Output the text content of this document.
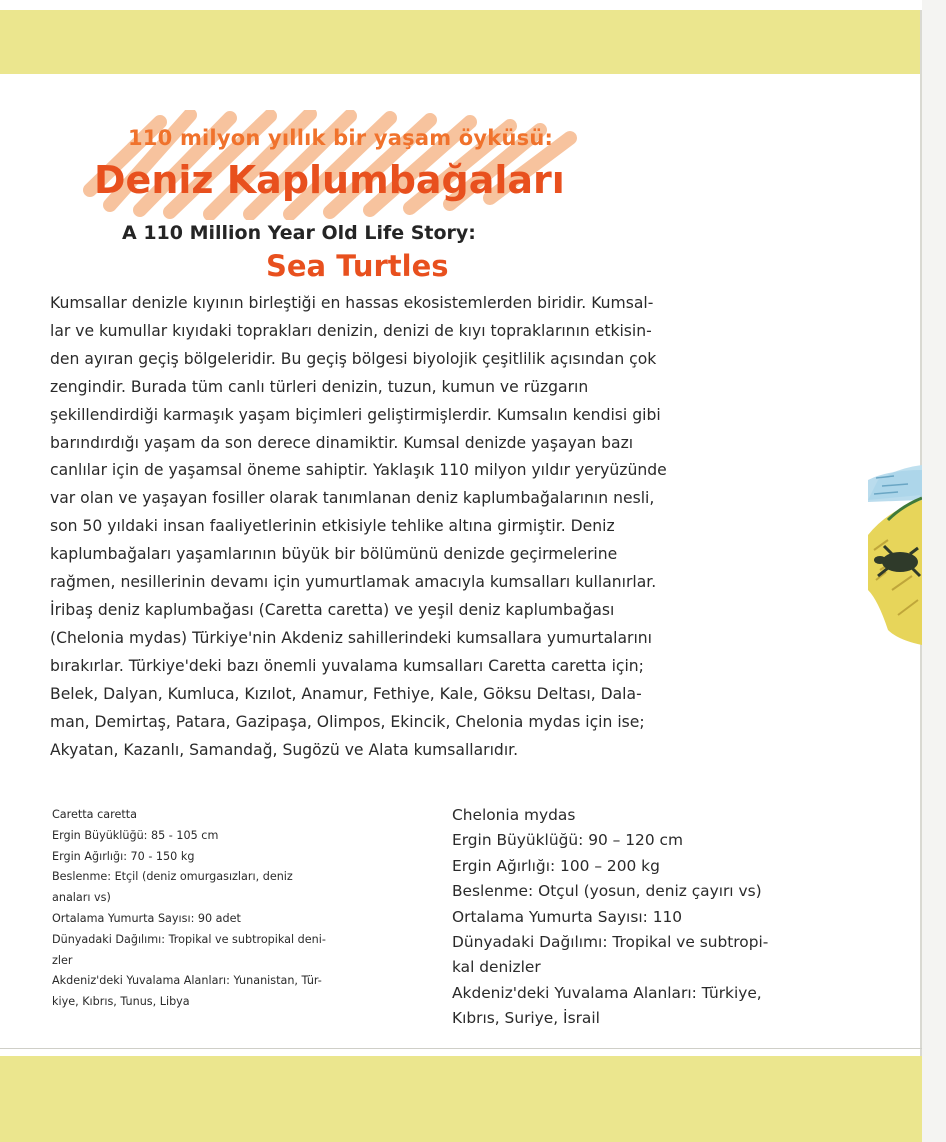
110 milyon yıllık bir yaşam öyküsü:
Deniz Kaplumbağaları
A 110 Million Year Old Life Story:
Sea Turtles
Kumsallar denizle kıyının birleştiği en hassas ekosistemlerden biridir. Kumsal-
lar ve kumullar kıyıdaki toprakları denizin, denizi de kıyı topraklarının etkisin-
den ayıran geçiş bölgeleridir. Bu geçiş bölgesi biyolojik çeşitlilik açısından çok
zengindir. Burada tüm canlı türleri denizin, tuzun, kumun ve rüzgarın
şekillendirdiği karmaşık yaşam biçimleri geliştirmişlerdir. Kumsalın kendisi gibi
barındırdığı yaşam da son derece dinamiktir. Kumsal denizde yaşayan bazı
canlılar için de yaşamsal öneme sahiptir. Yaklaşık 110 milyon yıldır yeryüzünde
var olan ve yaşayan fosiller olarak tanımlanan deniz kaplumbağalarının nesli,
son 50 yıldaki insan faaliyetlerinin etkisiyle tehlike altına girmiştir. Deniz
kaplumbağaları yaşamlarının büyük bir bölümünü denizde geçirmelerine
rağmen, nesillerinin devamı için yumurtlamak amacıyla kumsalları kullanırlar.
İribaş deniz kaplumbağası (Caretta caretta) ve yeşil deniz kaplumbağası
(Chelonia mydas) Türkiye'nin Akdeniz sahillerindeki kumsallara yumurtalarını
bırakırlar. Türkiye'deki bazı önemli yuvalama kumsalları Caretta caretta için;
Belek, Dalyan, Kumluca, Kızılot, Anamur, Fethiye, Kale, Göksu Deltası, Dala-
man, Demirtaş, Patara, Gazipaşa, Olimpos, Ekincik, Chelonia mydas için ise;
Akyatan, Kazanlı, Samandağ, Sugözü ve Alata kumsallarıdır.
Caretta caretta
Ergin Büyüklüğü: 85 - 105 cm
Ergin Ağırlığı: 70 - 150 kg
Beslenme: Etçil (deniz omurgasızları, deniz
anaları vs)
Ortalama Yumurta Sayısı: 90 adet
Dünyadaki Dağılımı: Tropikal ve subtropikal deni-
zler
Akdeniz'deki Yuvalama Alanları: Yunanistan, Tür-
kiye, Kıbrıs, Tunus, Libya
Chelonia mydas
Ergin Büyüklüğü: 90 – 120 cm
Ergin Ağırlığı: 100 – 200 kg
Beslenme: Otçul (yosun, deniz çayırı vs)
Ortalama Yumurta Sayısı: 110
Dünyadaki Dağılımı: Tropikal ve subtropi-
kal denizler
Akdeniz'deki Yuvalama Alanları: Türkiye,
Kıbrıs, Suriye, İsrail
